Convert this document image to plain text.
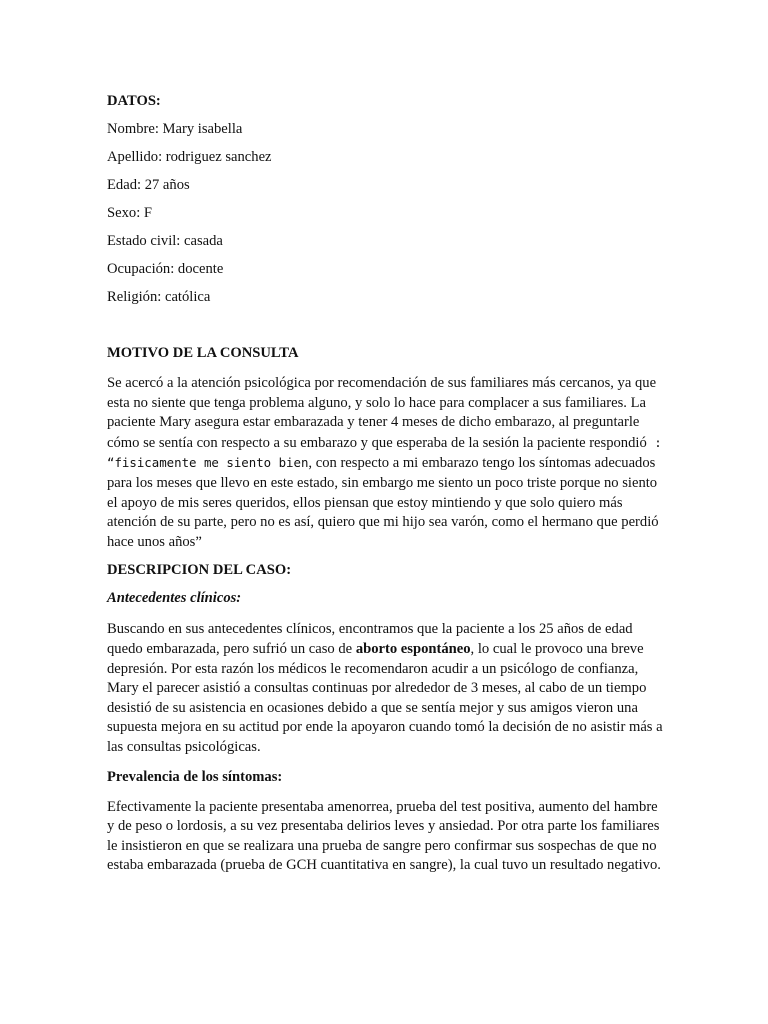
DATOS:

Nombre: Mary isabella

Apellido: rodriguez sanchez

Edad: 27 años

Sexo: F

Estado civil: casada

Ocupación: docente

Religión: católica

MOTIVO DE LA CONSULTA

Se acercó a la atención psicológica por recomendación de sus familiares más cercanos, ya que esta no siente que tenga problema alguno, y solo lo hace para complacer a sus familiares. La paciente Mary asegura estar embarazada y tener 4 meses de dicho embarazo, al preguntarle cómo se sentía con respecto a su embarazo y que esperaba de la sesión la paciente respondió : “fisicamente me siento bien, con respecto a mi embarazo tengo los síntomas adecuados para los meses que llevo en este estado, sin embargo me siento un poco triste porque no siento el apoyo de mis seres queridos, ellos piensan que estoy mintiendo y que solo quiero más atención de su parte, pero no es así, quiero que mi hijo sea varón, como el hermano que perdió hace unos años”

DESCRIPCION DEL CASO:

Antecedentes clínicos:

Buscando en sus antecedentes clínicos, encontramos que la paciente a los 25 años de edad quedo embarazada, pero sufrió un caso de aborto espontáneo, lo cual le provoco una breve depresión. Por esta razón los médicos le recomendaron acudir a un psicólogo de confianza, Mary el parecer asistió a consultas continuas por alrededor de 3 meses, al cabo de un tiempo desistió de su asistencia en ocasiones debido a que se sentía mejor y sus amigos vieron una supuesta mejora en su actitud por ende la apoyaron cuando tomó la decisión de no asistir más a las consultas psicológicas.

Prevalencia de los síntomas:

Efectivamente la paciente presentaba amenorrea, prueba del test positiva, aumento del hambre y de peso o lordosis, a su vez presentaba delirios leves y ansiedad. Por otra parte los familiares le insistieron en que se realizara una prueba de sangre pero confirmar sus sospechas de que no estaba embarazada (prueba de GCH cuantitativa en sangre), la cual tuvo un resultado negativo.
